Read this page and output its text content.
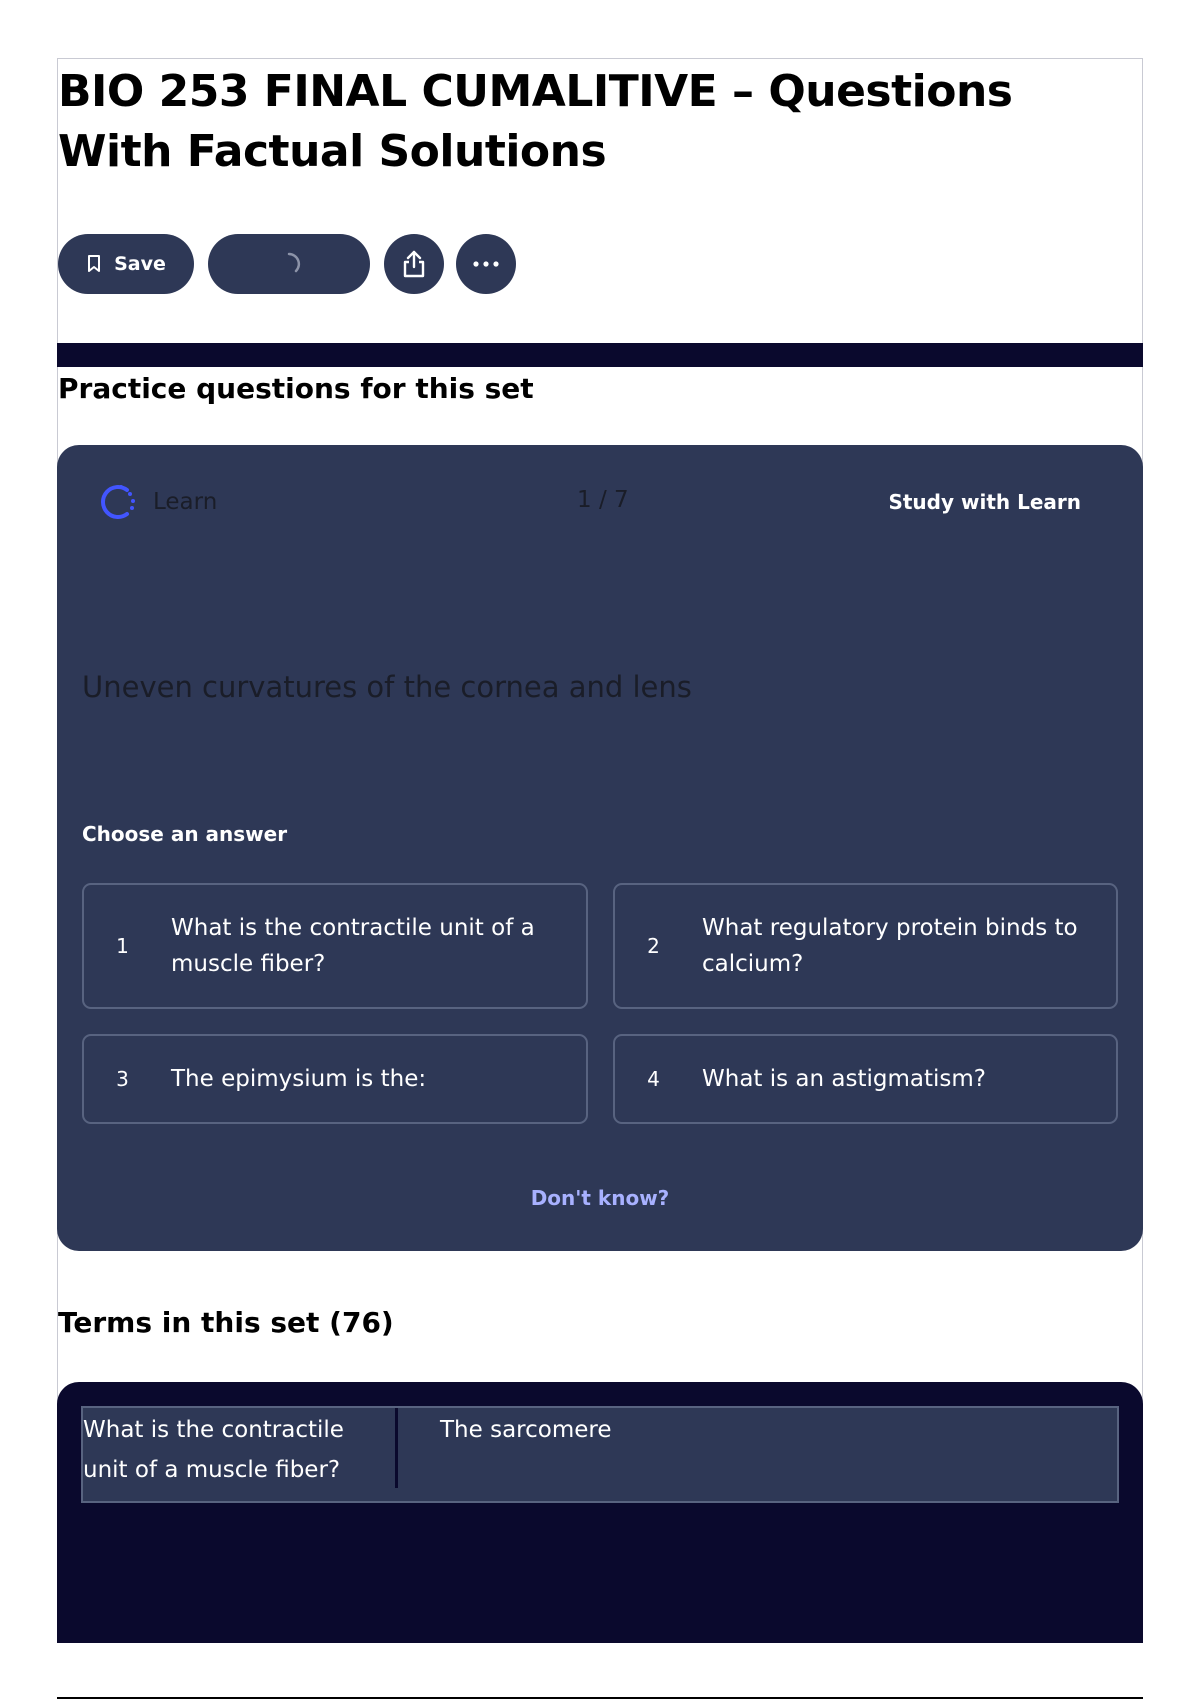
BIO 253 FINAL CUMALITIVE – Questions With Factual Solutions
Save
Practice questions for this set
Learn	1 / 7	Study with Learn
Uneven curvatures of the cornea and lens
Choose an answer
1
What is the contractile unit of a muscle fiber?
2
What regulatory protein binds to calcium?
3	The epimysium is the:	4	What is an astigmatism?
Don't know?
Terms in this set (76)
What is the contractile unit of a muscle fiber?
The sarcomere
